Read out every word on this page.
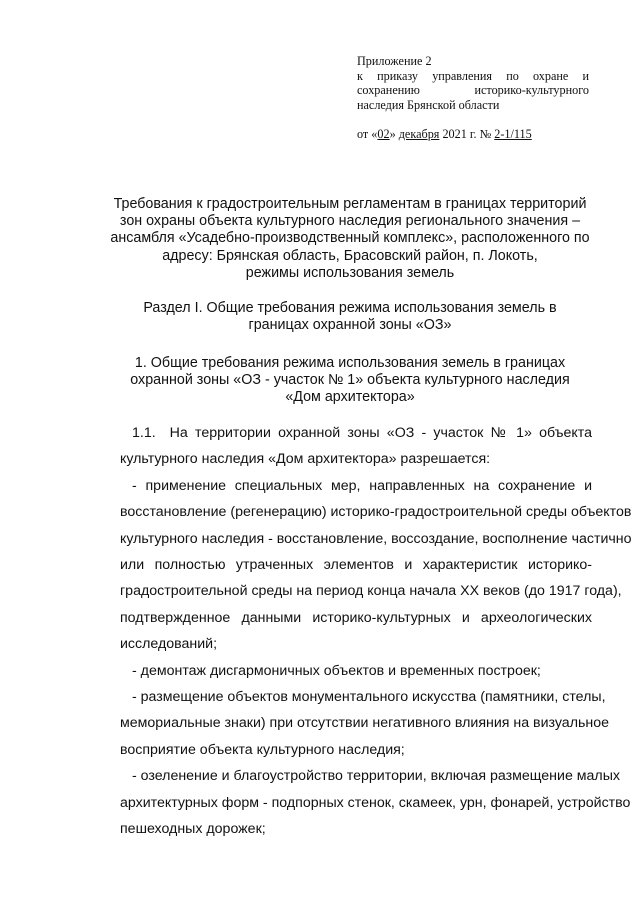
Приложение 2
к приказу управления по охране и
сохранению историко-культурного
наследия Брянской области
от «02» декабря 2021 г. № 2-1/115
Требования к градостроительным регламентам в границах территорий
зон охраны объекта культурного наследия регионального значения –
ансамбля «Усадебно-производственный комплекс», расположенного по
адресу: Брянская область, Брасовский район, п. Локоть,
режимы использования земель
Раздел I. Общие требования режима использования земель в
границах охранной зоны «ОЗ»
1. Общие требования режима использования земель в границах
охранной зоны «ОЗ - участок № 1» объекта культурного наследия
«Дом архитектора»
1.1. На территории охранной зоны «ОЗ - участок № 1» объекта
культурного наследия «Дом архитектора» разрешается:
- применение специальных мер, направленных на сохранение и
восстановление (регенерацию) историко-градостроительной среды объектов
культурного наследия - восстановление, воссоздание, восполнение частично
или полностью утраченных элементов и характеристик историко-
градостроительной среды на период конца начала XX веков (до 1917 года),
подтвержденное данными историко-культурных и археологических
исследований;
- демонтаж дисгармоничных объектов и временных построек;
- размещение объектов монументального искусства (памятники, стелы,
мемориальные знаки) при отсутствии негативного влияния на визуальное
восприятие объекта культурного наследия;
- озеленение и благоустройство территории, включая размещение малых
архитектурных форм - подпорных стенок, скамеек, урн, фонарей, устройство
пешеходных дорожек;
